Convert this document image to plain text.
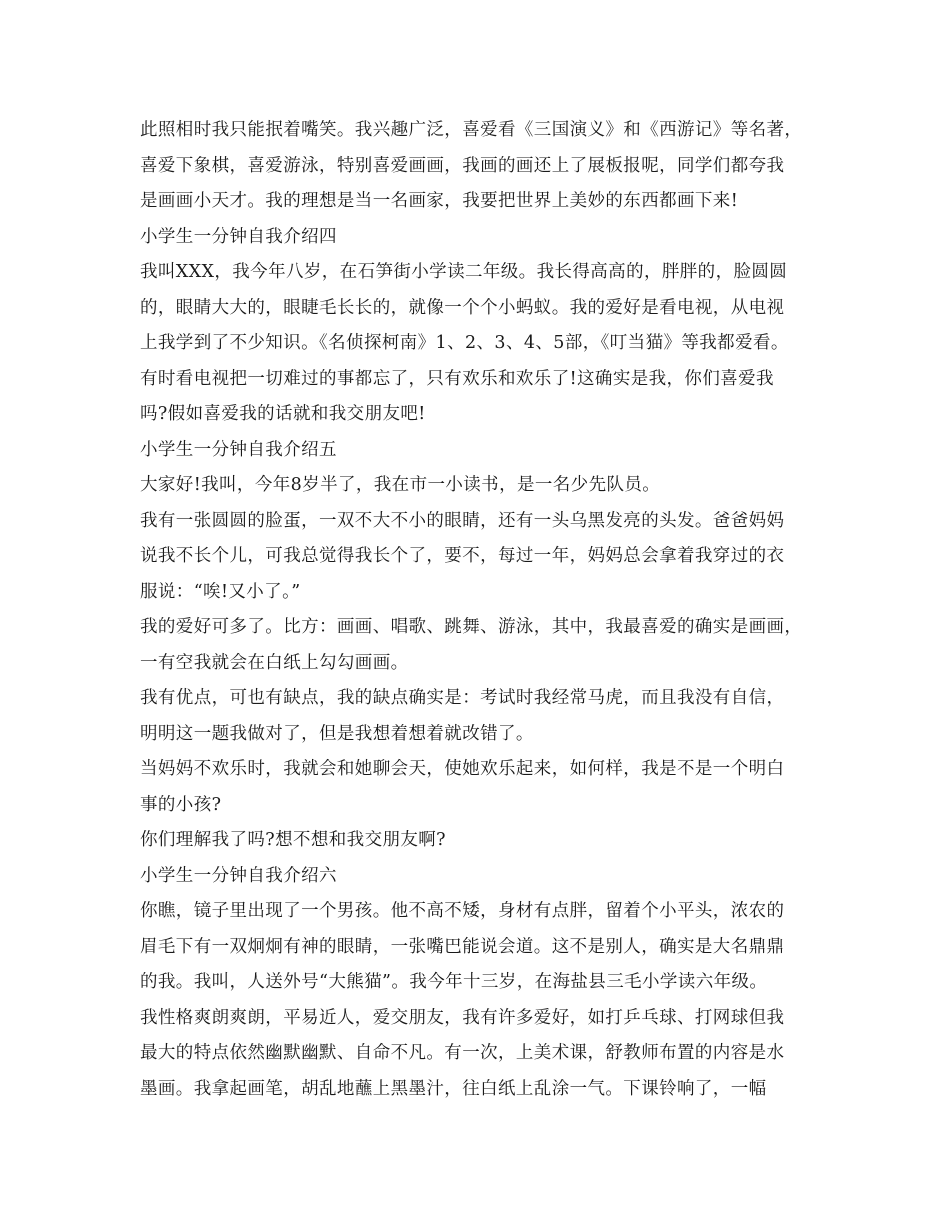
此照相时我只能抿着嘴笑。我兴趣广泛，喜爱看《三国演义》和《西游记》等名著，
喜爱下象棋，喜爱游泳，特别喜爱画画，我画的画还上了展板报呢，同学们都夸我
是画画小天才。我的理想是当一名画家，我要把世界上美妙的东西都画下来!
小学生一分钟自我介绍四
我叫XXX，我今年八岁，在石笋街小学读二年级。我长得高高的，胖胖的，脸圆圆
的，眼睛大大的，眼睫毛长长的，就像一个个小蚂蚁。我的爱好是看电视，从电视
上我学到了不少知识。《名侦探柯南》1、2、3、4、5部，《叮当猫》等我都爱看。
有时看电视把一切难过的事都忘了，只有欢乐和欢乐了!这确实是我，你们喜爱我
吗?假如喜爱我的话就和我交朋友吧!
小学生一分钟自我介绍五
大家好!我叫，今年8岁半了，我在市一小读书，是一名少先队员。
我有一张圆圆的脸蛋，一双不大不小的眼睛，还有一头乌黑发亮的头发。爸爸妈妈
说我不长个儿，可我总觉得我长个了，要不，每过一年，妈妈总会拿着我穿过的衣
服说：“唉!又小了。”
我的爱好可多了。比方：画画、唱歌、跳舞、游泳，其中，我最喜爱的确实是画画，
一有空我就会在白纸上勾勾画画。
我有优点，可也有缺点，我的缺点确实是：考试时我经常马虎，而且我没有自信，
明明这一题我做对了，但是我想着想着就改错了。
当妈妈不欢乐时，我就会和她聊会天，使她欢乐起来，如何样，我是不是一个明白
事的小孩?
你们理解我了吗?想不想和我交朋友啊?
小学生一分钟自我介绍六
你瞧，镜子里出现了一个男孩。他不高不矮，身材有点胖，留着个小平头，浓农的
眉毛下有一双炯炯有神的眼睛，一张嘴巴能说会道。这不是别人，确实是大名鼎鼎
的我。我叫，人送外号“大熊猫”。我今年十三岁，在海盐县三毛小学读六年级。
我性格爽朗爽朗，平易近人，爱交朋友，我有许多爱好，如打乒乓球、打网球但我
最大的特点依然幽默幽默、自命不凡。有一次，上美术课，舒教师布置的内容是水
墨画。我拿起画笔，胡乱地蘸上黑墨汁，往白纸上乱涂一气。下课铃响了，一幅
